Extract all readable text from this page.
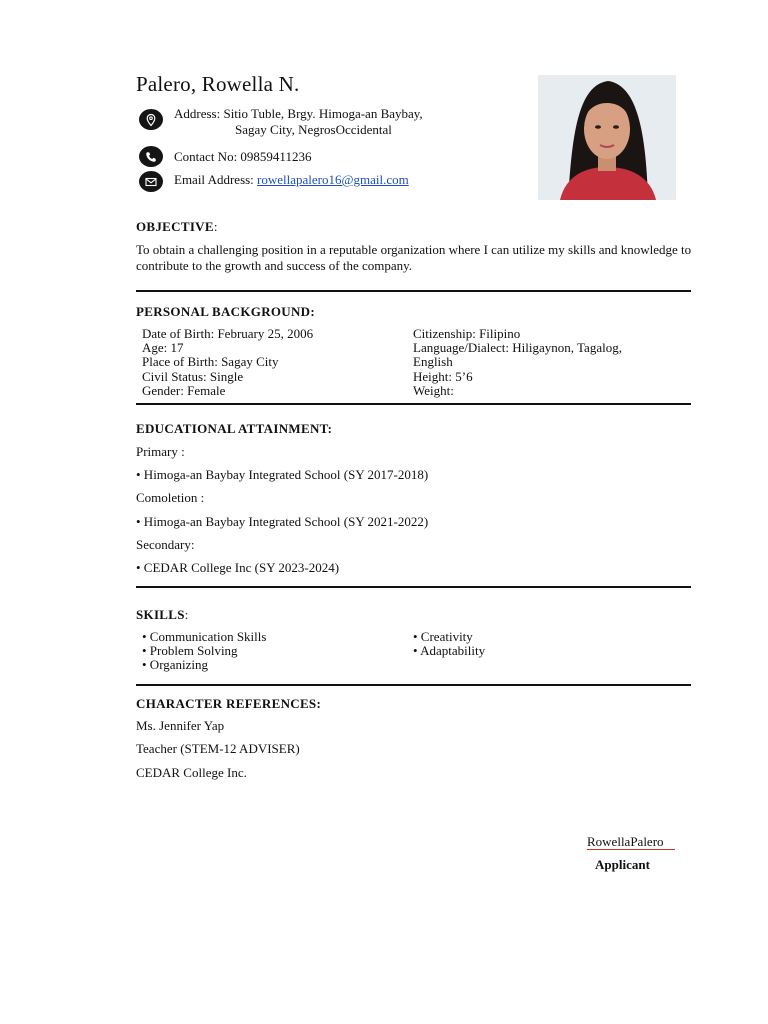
Palero, Rowella N.
Address: Sitio Tuble, Brgy. Himoga-an Baybay,
Sagay City, NegrosOccidental
Contact No: 09859411236
Email Address: rowellapalero16@gmail.com
OBJECTIVE:
To obtain a challenging position in a reputable organization where I can utilize my skills and knowledge to contribute to the growth and success of the company.
PERSONAL BACKGROUND:
Date of Birth: February 25, 2006
Age: 17
Place of Birth: Sagay City
Civil Status: Single
Gender: Female
Citizenship: Filipino
Language/Dialect: Hiligaynon, Tagalog,
English
Height: 5’6
Weight:
EDUCATIONAL ATTAINMENT:
Primary :
• Himoga-an Baybay Integrated School (SY 2017-2018)
Comoletion :
• Himoga-an Baybay Integrated School (SY 2021-2022)
Secondary:
• CEDAR College Inc (SY 2023-2024)
SKILLS:
• Communication Skills
• Problem Solving
• Organizing
• Creativity
• Adaptability
CHARACTER REFERENCES:
Ms. Jennifer Yap
Teacher (STEM-12 ADVISER)
CEDAR College Inc.
RowellaPalero
Applicant
